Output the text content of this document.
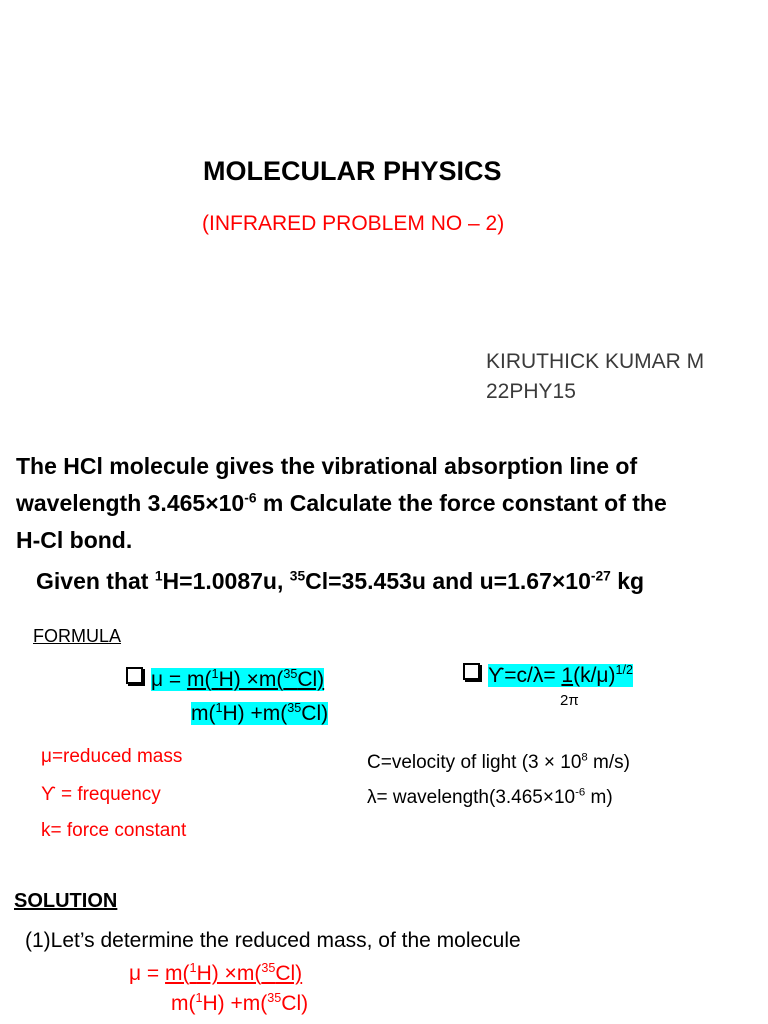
MOLECULAR PHYSICS
(INFRARED PROBLEM NO – 2)
KIRUTHICK KUMAR M
22PHY15
The HCl molecule gives the vibrational absorption line of
wavelength $3.465\times 10^{-6}$ m Calculate the force constant of the
H-Cl bond.
Given that $^1$H=1.0087u, $^{35}$Cl=35.453u and $u=1.67\times 10^{-27}$ kg
FORMULA
μ = m($^1$H) ×m($^{35}$Cl)
m($^1$H) +m($^{35}$Cl)
$ϒ=c/\lambda= 1(k/\mu)^{1/2}$
2π
μ=reduced mass
ϒ = frequency
k= force constant
C=velocity of light ($3 \times 10^8$ m/s)
$\lambda= wavelength(3.465\times 10^{-6}$ m)
SOLUTION
(1)Let’s determine the reduced mass, of the molecule
μ = m($^1$H) ×m($^{35}$Cl)
m($^1$H) +m($^{35}$Cl)
